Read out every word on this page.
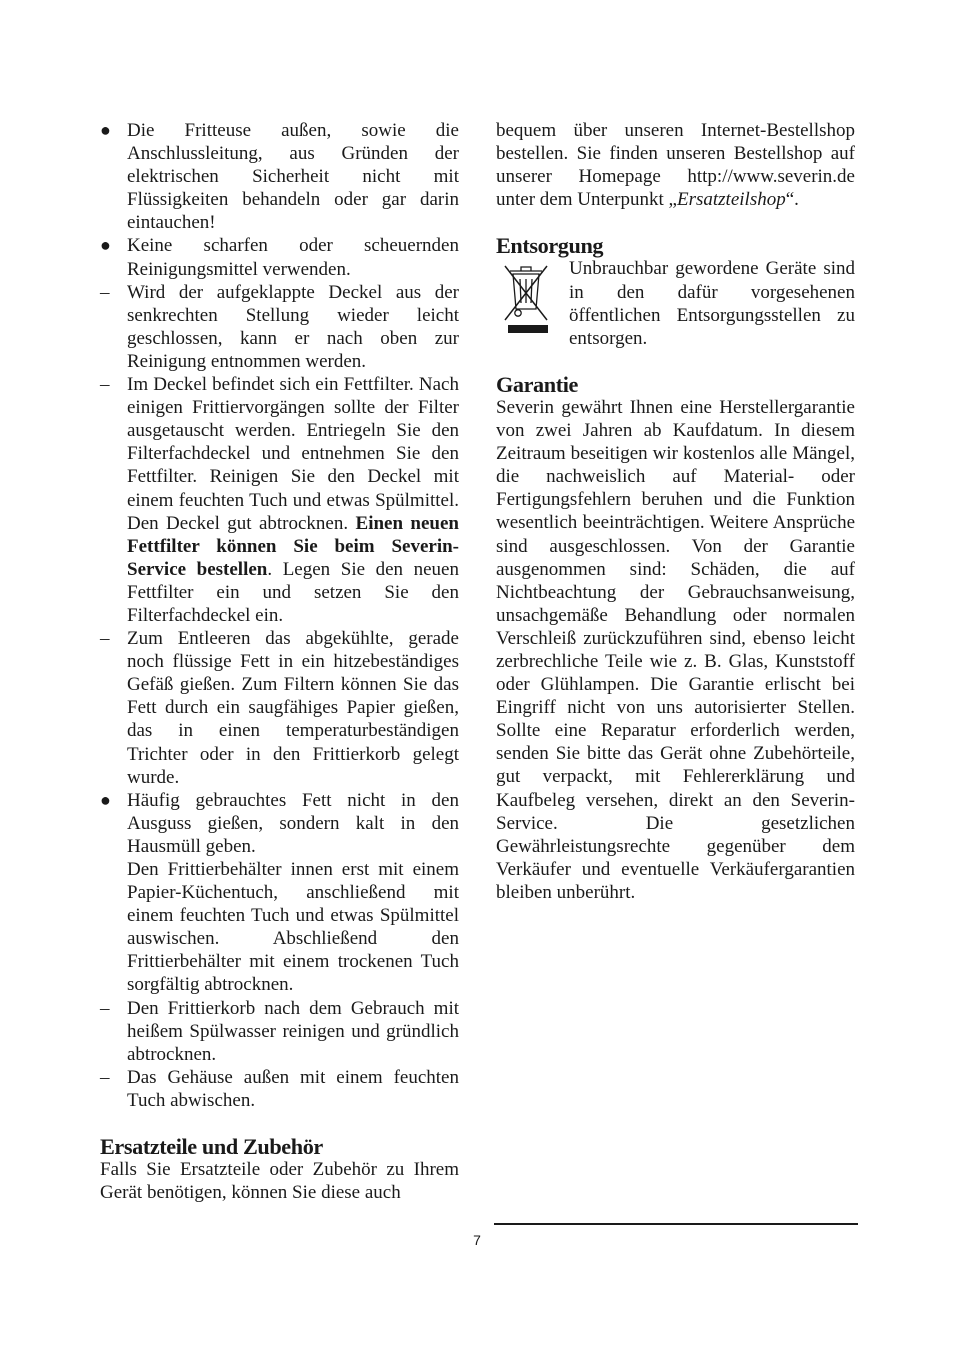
● Die Fritteuse außen, sowie die Anschlussleitung, aus Gründen der elektrischen Sicherheit nicht mit Flüssigkeiten behandeln oder gar darin eintauchen!

● Keine scharfen oder scheuernden Reinigungsmittel verwenden.

– Wird der aufgeklappte Deckel aus der senkrechten Stellung wieder leicht geschlossen, kann er nach oben zur Reinigung entnommen werden.

– Im Deckel befindet sich ein Fettfilter. Nach einigen Frittiervorgängen sollte der Filter ausgetauscht werden. Entriegeln Sie den Filterfachdeckel und entnehmen Sie den Fettfilter. Reinigen Sie den Deckel mit einem feuchten Tuch und etwas Spülmittel. Den Deckel gut abtrocknen. Einen neuen Fettfilter können Sie beim Severin-Service bestellen. Legen Sie den neuen Fettfilter ein und setzen Sie den Filterfachdeckel ein.

– Zum Entleeren das abgekühlte, gerade noch flüssige Fett in ein hitzebeständiges Gefäß gießen. Zum Filtern können Sie das Fett durch ein saugfähiges Papier gießen, das in einen temperaturbeständigen Trichter oder in den Frittierkorb gelegt wurde.

● Häufig gebrauchtes Fett nicht in den Ausguss gießen, sondern kalt in den Hausmüll geben.

Den Frittierbehälter innen erst mit einem Papier-Küchentuch, anschließend mit einem feuchten Tuch und etwas Spülmittel auswischen. Abschließend den Frittierbehälter mit einem trockenen Tuch sorgfältig abtrocknen.

– Den Frittierkorb nach dem Gebrauch mit heißem Spülwasser reinigen und gründlich abtrocknen.

– Das Gehäuse außen mit einem feuchten Tuch abwischen.

Ersatzteile und Zubehör

Falls Sie Ersatzteile oder Zubehör zu Ihrem Gerät benötigen, können Sie diese auch

bequem über unseren Internet-Bestellshop bestellen. Sie finden unseren Bestellshop auf unserer Homepage http://www.severin.de unter dem Unterpunkt „Ersatzteilshop“.

Entsorgung

Unbrauchbar gewordene Geräte sind in den dafür vorgesehenen öffentlichen Entsorgungsstellen zu entsorgen.

Garantie

Severin gewährt Ihnen eine Herstellergarantie von zwei Jahren ab Kaufdatum. In diesem Zeitraum beseitigen wir kostenlos alle Mängel, die nachweislich auf Material- oder Fertigungsfehlern beruhen und die Funktion wesentlich beeinträchtigen. Weitere Ansprüche sind ausgeschlossen. Von der Garantie ausgenommen sind: Schäden, die auf Nichtbeachtung der Gebrauchsanweisung, unsachgemäße Behandlung oder normalen Verschleiß zurückzuführen sind, ebenso leicht zerbrechliche Teile wie z. B. Glas, Kunststoff oder Glühlampen. Die Garantie erlischt bei Eingriff nicht von uns autorisierter Stellen. Sollte eine Reparatur erforderlich werden, senden Sie bitte das Gerät ohne Zubehörteile, gut verpackt, mit Fehlererklärung und Kaufbeleg versehen, direkt an den Severin-Service. Die gesetzlichen Gewährleistungsrechte gegenüber dem Verkäufer und eventuelle Verkäufergarantien bleiben unberührt.

7
